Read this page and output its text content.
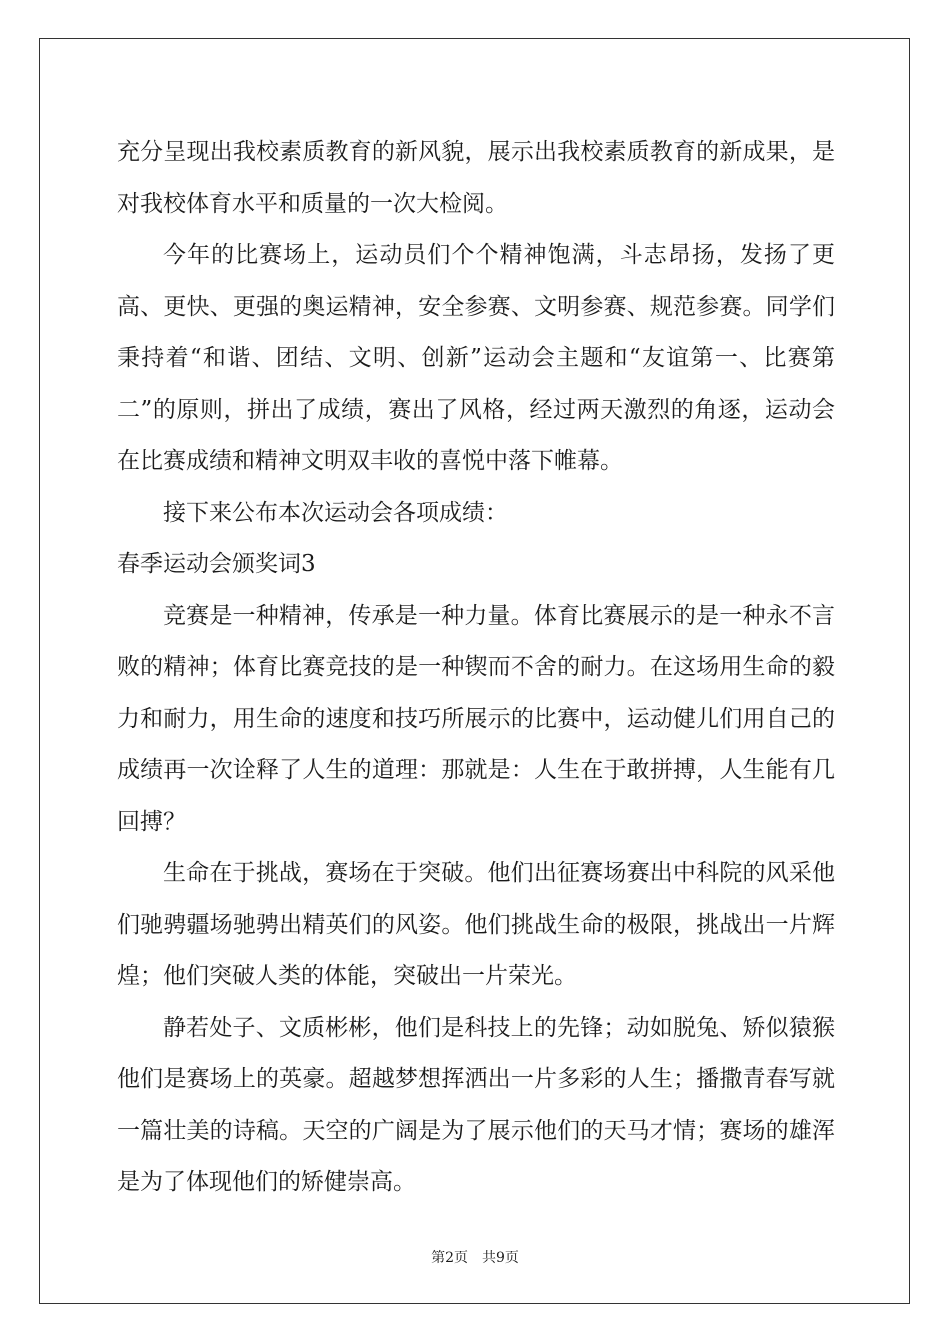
充分呈现出我校素质教育的新风貌，展示出我校素质教育的新成果，是对我校体育水平和质量的一次大检阅。

今年的比赛场上，运动员们个个精神饱满，斗志昂扬，发扬了更高、更快、更强的奥运精神，安全参赛、文明参赛、规范参赛。同学们秉持着“和谐、团结、文明、创新”运动会主题和“友谊第一、比赛第二”的原则，拼出了成绩，赛出了风格，经过两天激烈的角逐，运动会在比赛成绩和精神文明双丰收的喜悦中落下帷幕。

接下来公布本次运动会各项成绩：

春季运动会颁奖词3

竞赛是一种精神，传承是一种力量。体育比赛展示的是一种永不言败的精神；体育比赛竞技的是一种锲而不舍的耐力。在这场用生命的毅力和耐力，用生命的速度和技巧所展示的比赛中，运动健儿们用自己的成绩再一次诠释了人生的道理：那就是：人生在于敢拼搏，人生能有几回搏？

生命在于挑战，赛场在于突破。他们出征赛场赛出中科院的风采他们驰骋疆场驰骋出精英们的风姿。他们挑战生命的极限，挑战出一片辉煌；他们突破人类的体能，突破出一片荣光。

静若处子、文质彬彬，他们是科技上的先锋；动如脱兔、矫似猿猴他们是赛场上的英豪。超越梦想挥洒出一片多彩的人生；播撒青春写就一篇壮美的诗稿。天空的广阔是为了展示他们的天马才情；赛场的雄浑是为了体现他们的矫健崇高。

第2页 共9页
